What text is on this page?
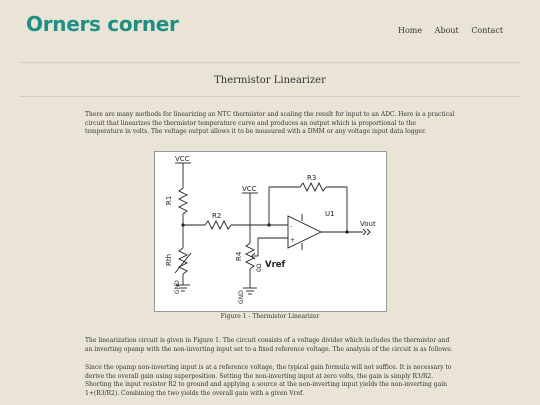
Orners corner	Home About Contact
Thermistor Linearizer
There are many methods for linearizing an NTC thermistor and scaling the result for input to an ADC. Here is a practical circuit that linearizes the thermistor temperature curve and produces an output which is proportional to the temperature in volts. The voltage output allows it to be measured with a DMM or any voltage input data logger.
VCC
VCC
R1
R2
R3
R4
0Ω
Rth
U1
Vout
Vref
-
+
GND
GND
Figure 1 - Thermistor Linearizer
The linearization circuit is given in Figure 1. The circuit consists of a voltage divider which includes the thermistor and an inverting opamp with the non-inverting input set to a fixed reference voltage. The analysis of the circuit is as follows:
Since the opamp non-inverting input is at a reference voltage, the typical gain formula will not suffice. It is necessary to derive the overall gain using superposition. Setting the non-inverting input at zero volts, the gain is simply R3/R2. Shorting the input resistor R2 to ground and applying a source at the non-inverting input yields the non-inverting gain 1+(R3/R2). Combining the two yields the overall gain with a given Vref.
